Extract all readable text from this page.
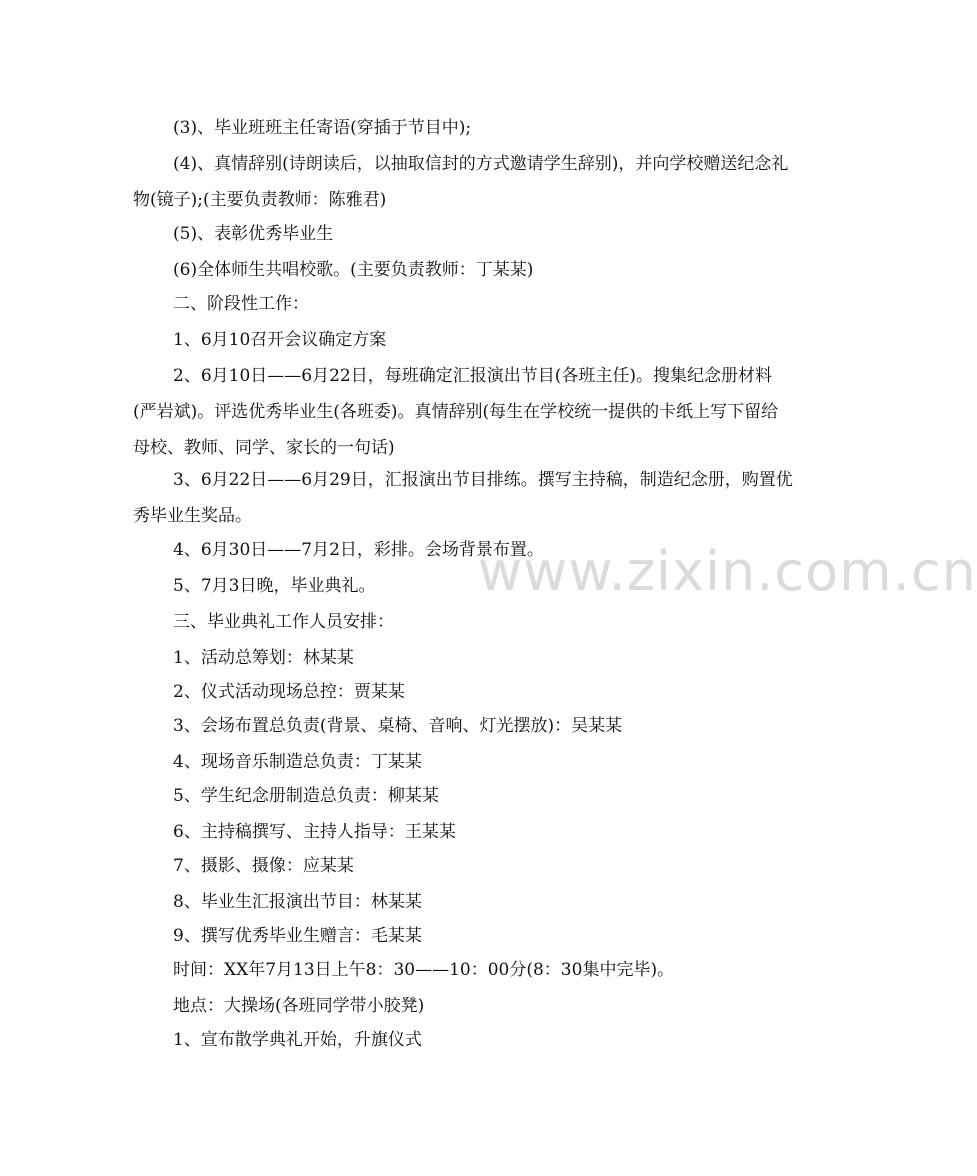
(3)、毕业班班主任寄语(穿插于节目中);

(4)、真情辞别(诗朗读后，以抽取信封的方式邀请学生辞别)，并向学校赠送纪念礼物(镜子);(主要负责教师：陈雅君)

(5)、表彰优秀毕业生

(6)全体师生共唱校歌。(主要负责教师：丁某某)

二、阶段性工作：

1、6月10召开会议确定方案

2、6月10日——6月22日，每班确定汇报演出节目(各班主任)。搜集纪念册材料(严岩斌)。评选优秀毕业生(各班委)。真情辞别(每生在学校统一提供的卡纸上写下留给母校、教师、同学、家长的一句话)

3、6月22日——6月29日，汇报演出节目排练。撰写主持稿，制造纪念册，购置优秀毕业生奖品。

4、6月30日——7月2日，彩排。会场背景布置。

5、7月3日晚，毕业典礼。

三、毕业典礼工作人员安排：

1、活动总筹划：林某某

2、仪式活动现场总控：贾某某

3、会场布置总负责(背景、桌椅、音响、灯光摆放)：吴某某

4、现场音乐制造总负责：丁某某

5、学生纪念册制造总负责：柳某某

6、主持稿撰写、主持人指导：王某某

7、摄影、摄像：应某某

8、毕业生汇报演出节目：林某某

9、撰写优秀毕业生赠言：毛某某

时间：XX年7月13日上午8：30——10：00分(8：30集中完毕)。

地点：大操场(各班同学带小胶凳)

1、宣布散学典礼开始，升旗仪式

www.zixin.com.cn
